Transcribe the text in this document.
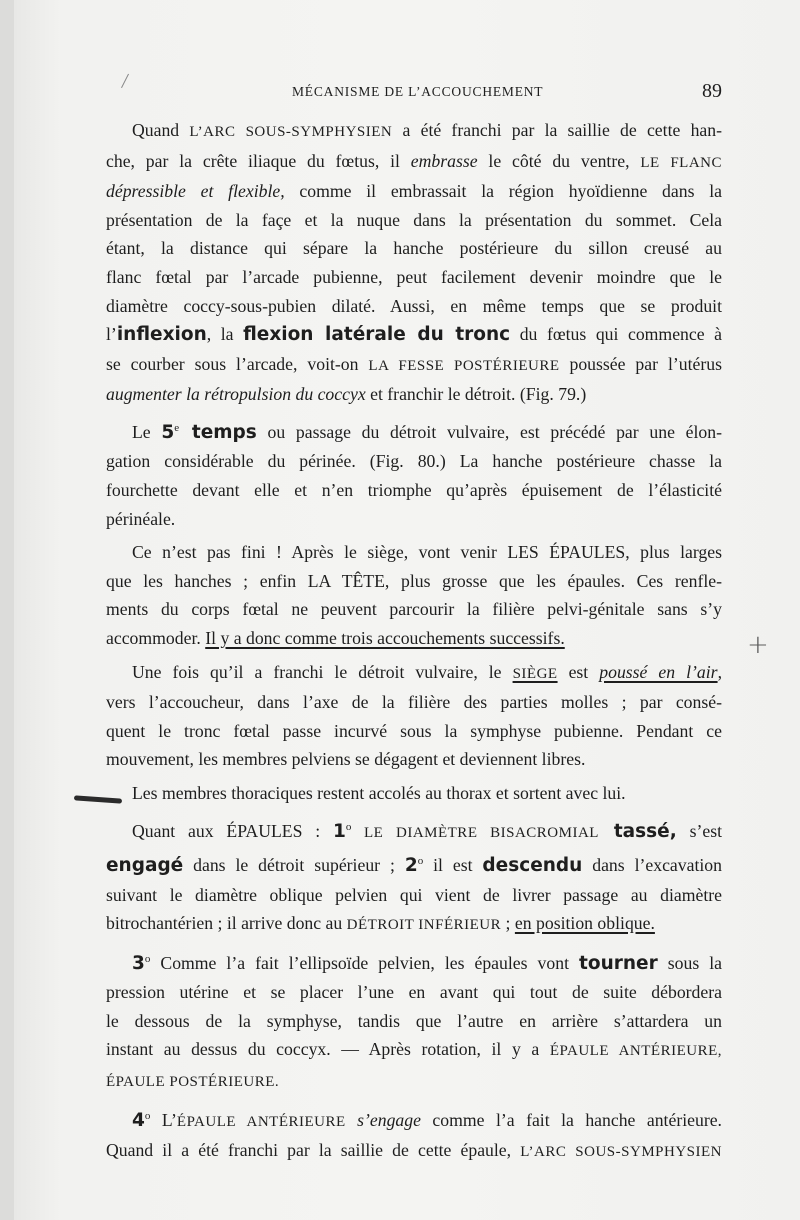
/	MÉCANISME DE L’ACCOUCHEMENT	89

Quand L’ARC SOUS-SYMPHYSIEN a été franchi par la saillie de cette han-
che, par la crête iliaque du fœtus, il embrasse le côté du ventre, LE FLANC
dépressible et flexible, comme il embrassait la région hyoïdienne dans la
présentation de la façe et la nuque dans la présentation du sommet. Cela
étant, la distance qui sépare la hanche postérieure du sillon creusé au
flanc fœtal par l’arcade pubienne, peut facilement devenir moindre que le
diamètre coccy-sous-pubien dilaté. Aussi, en même temps que se produit
l’inflexion, la flexion latérale du tronc du fœtus qui commence à
se courber sous l’arcade, voit-on LA FESSE POSTÉRIEURE poussée par l’utérus
augmenter la rétropulsion du coccyx et franchir le détroit. (Fig. 79.)

Le 5e temps ou passage du détroit vulvaire, est précédé par une élon-
gation considérable du périnée. (Fig. 80.) La hanche postérieure chasse la
fourchette devant elle et n’en triomphe qu’après épuisement de l’élasticité
périnéale.

Ce n’est pas fini ! Après le siège, vont venir LES ÉPAULES, plus larges
que les hanches ; enfin LA TÊTE, plus grosse que les épaules. Ces renfle-
ments du corps fœtal ne peuvent parcourir la filière pelvi-génitale sans s’y
accommoder. Il y a donc comme trois accouchements successifs.

Une fois qu’il a franchi le détroit vulvaire, le SIÈGE est poussé en l’air,
vers l’accoucheur, dans l’axe de la filière des parties molles ; par consé-
quent le tronc fœtal passe incurvé sous la symphyse pubienne. Pendant ce
mouvement, les membres pelviens se dégagent et deviennent libres.

Les membres thoraciques restent accolés au thorax et sortent avec lui.

Quant aux ÉPAULES : 1$^o$ LE DIAMÈTRE BISACROMIAL tassé, s’est
engagé dans le détroit supérieur ; 2$^o$ il est descendu dans l’excavation
suivant le diamètre oblique pelvien qui vient de livrer passage au diamètre
bitrochantérien ; il arrive donc au DÉTROIT INFÉRIEUR ; en position oblique.

3$^o$ Comme l’a fait l’ellipsoïde pelvien, les épaules vont tourner sous la
pression utérine et se placer l’une en avant qui tout de suite débordera
le dessous de la symphyse, tandis que l’autre en arrière s’attardera un
instant au dessus du coccyx. — Après rotation, il y a ÉPAULE ANTÉRIEURE,
ÉPAULE POSTÉRIEURE.

4$^o$ L’ÉPAULE ANTÉRIEURE s’engage comme l’a fait la hanche antérieure.
Quand il a été franchi par la saillie de cette épaule, L’ARC SOUS-SYMPHYSIEN

+
